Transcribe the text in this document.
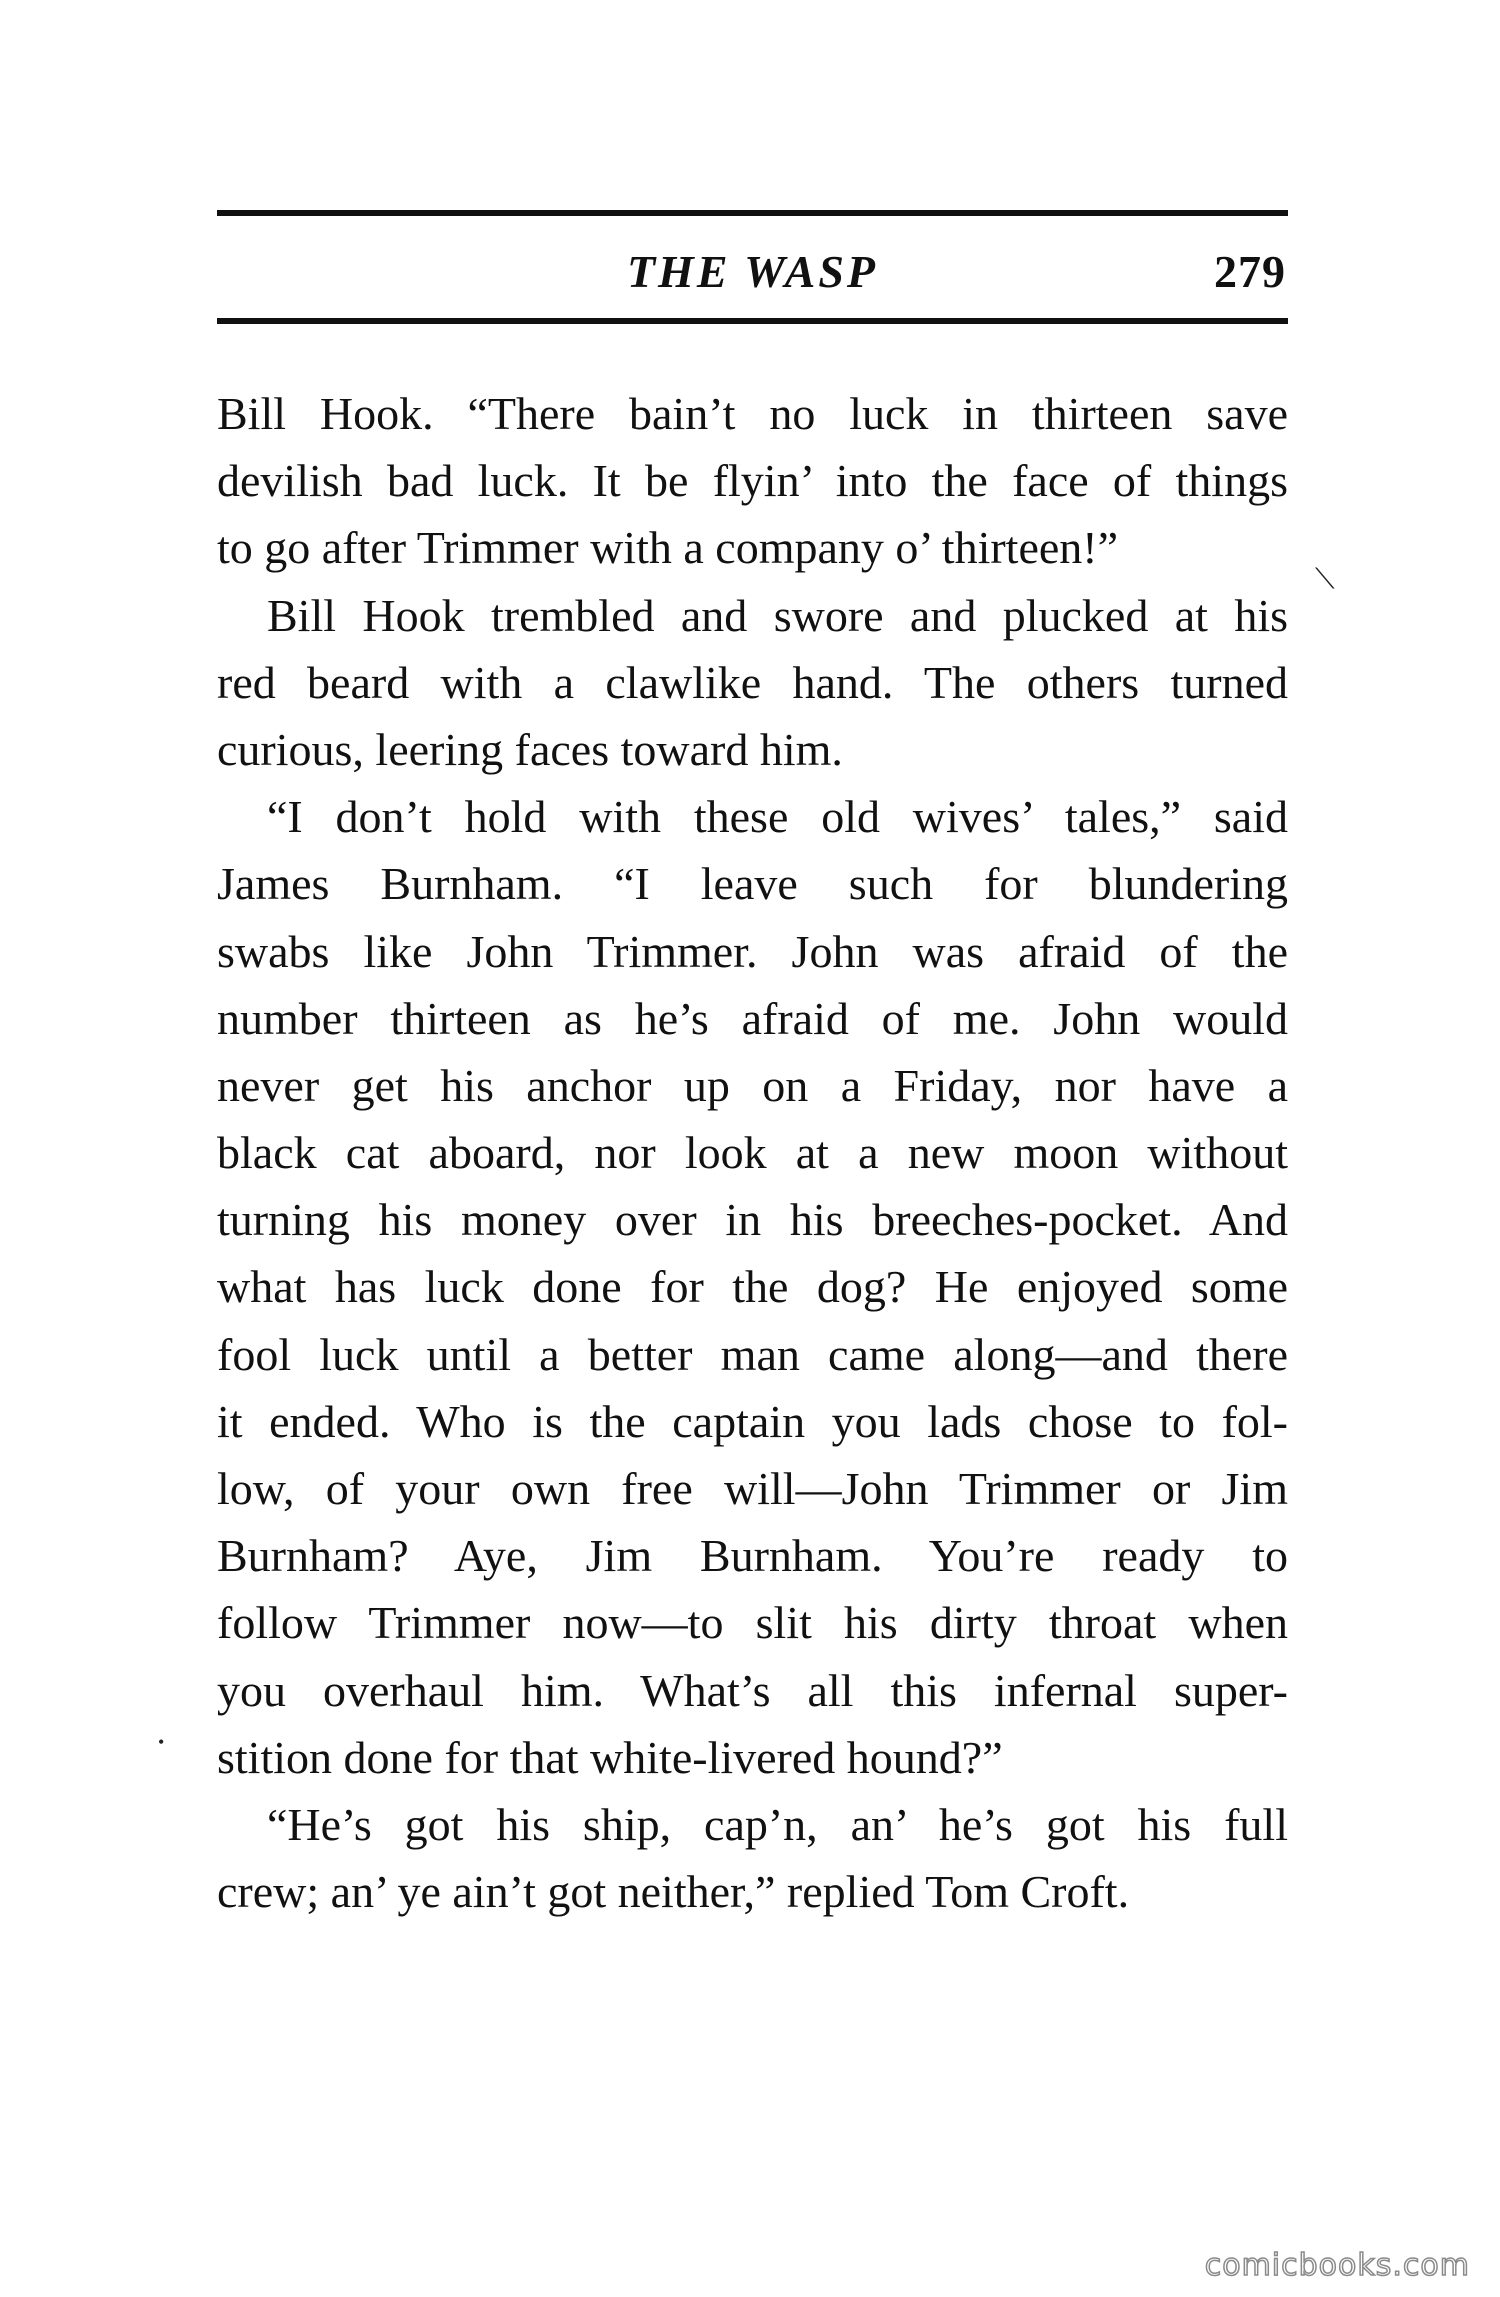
THE WASP	279
Bill Hook. “There bain’t no luck in thirteen save
devilish bad luck. It be flyin’ into the face of things
to go after Trimmer with a company o’ thirteen!”
Bill Hook trembled and swore and plucked at his
red beard with a clawlike hand. The others turned
curious, leering faces toward him.
“I don’t hold with these old wives’ tales,” said
James Burnham. “I leave such for blundering
swabs like John Trimmer. John was afraid of the
number thirteen as he’s afraid of me. John would
never get his anchor up on a Friday, nor have a
black cat aboard, nor look at a new moon without
turning his money over in his breeches-pocket. And
what has luck done for the dog? He enjoyed some
fool luck until a better man came along—and there
it ended. Who is the captain you lads chose to fol-
low, of your own free will—John Trimmer or Jim
Burnham? Aye, Jim Burnham. You’re ready to
follow Trimmer now—to slit his dirty throat when
you overhaul him. What’s all this infernal super-
stition done for that white-livered hound?”
“He’s got his ship, cap’n, an’ he’s got his full
crew; an’ ye ain’t got neither,” replied Tom Croft.
⟍
•
comicbooks.com
